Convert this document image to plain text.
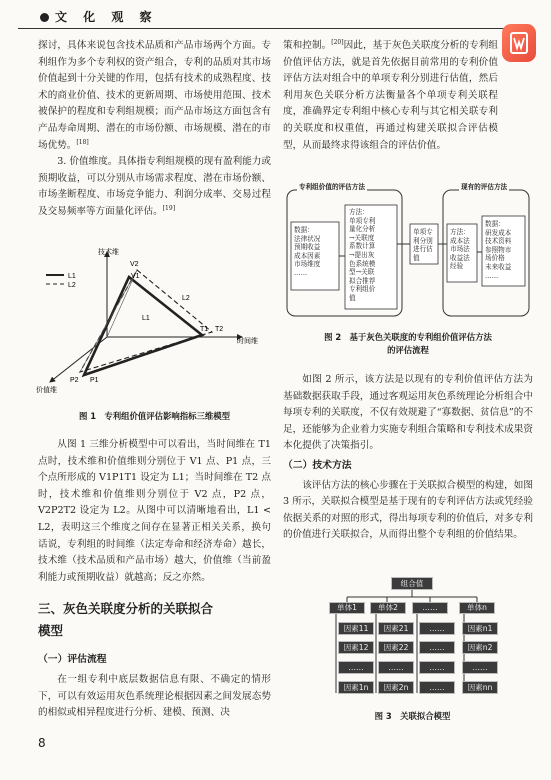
文 化 观 察

探讨，具体来说包含技术品质和产品市场两个方面。专利组作为多个专利权的资产组合，专利的品质对其市场价值起到十分关键的作用，包括有技术的成熟程度、技术的商业价值、技术的更新周期、市场使用范围、技术被保护的程度和专利组规模；而产品市场这方面包含有产品寿命周期、潜在的市场份额、市场规模、潜在的市场优势。[18]

3. 价值维度。具体指专利组规模的现有盈利能力或预期收益，可以分别从市场需求程度、潜在市场份额、市场垄断程度、市场竞争能力、利润分成率、交易过程及交易频率等方面量化评估。[19]

L1
L2
技术维
时间维
价值维
V2
V1
T1 T2
P1
P2
L1
L2
图 1　专利组价值评估影响指标三维模型

从图 1 三维分析模型中可以看出，当时间维在 T1 点时，技术维和价值维则分别位于 V1 点、P1 点，三个点所形成的 V1P1T1 设定为 L1；当时间维在 T2 点时，技术维和价值维则分别位于 V2 点，P2 点，V2P2T2 设定为 L2。从图中可以清晰地看出，L1 < L2，表明这三个维度之间存在显著正相关关系，换句话说，专利组的时间维（法定寿命和经济寿命）越长，技术维（技术品质和产品市场）越大，价值维（当前盈利能力或预期收益）就越高；反之亦然。

三、灰色关联度分析的关联拟合
模型
（一）评估流程

在一组专利中底层数据信息有限、不确定的情形下，可以有效运用灰色系统理论根据因素之间发展态势的相似或相异程度进行分析、建模、预测、决

8

策和控制。[20]因此，基于灰色关联度分析的专利组价值评估方法，就是首先依据目前常用的专利价值评估方法对组合中的单项专利分别进行估值，然后利用灰色关联分析方法衡量各个单项专利关联程度，准确界定专利组中核心专利与其它相关联专利的关联度和权重值，再通过构建关联拟合评估模型，从而最终求得该组合的评估价值。

专利组价值的评估方法	现有的评估方法
数据：
法律状况
预期收益
成本因素
市场维度
……
方法：
单项专利
量化分析
→关联度
系数计算
→提出灰
色系统模
型→关联
拟合推荐
专利组价
值
单项专
利分别
进行估
值
方法：
成本法
市场法
收益法
经验
数据：
研发成本
技术资料
参照物市
场价格
未来收益
……
图 2　基于灰色关联度的专利组价值评估方法
的评估流程

如图 2 所示，该方法是以现有的专利价值评估方法为基础数据获取手段，通过客观运用灰色系统理论分析组合中每项专利的关联度，不仅有效规避了“寡数据、贫信息”的不足，还能够为企业着力实施专利组合策略和专利技术成果资本化提供了决策指引。

（二）技术方法

该评估方法的核心步骤在于关联拟合模型的构建，如图 3 所示，关联拟合模型是基于现有的专利评估方法或凭经验依据关系的对照的形式，得出每项专利的价值后，对多专利的价值进行关联拟合，从而得出整个专利组的价值结果。

组合值
单体1	单体2	……	单体n
因素11	因素21	……	因素n1
因素12	因素22	……	因素n2
……	……	……	……
因素1n	因素2n	……	因素nn
图 3　关联拟合模型
